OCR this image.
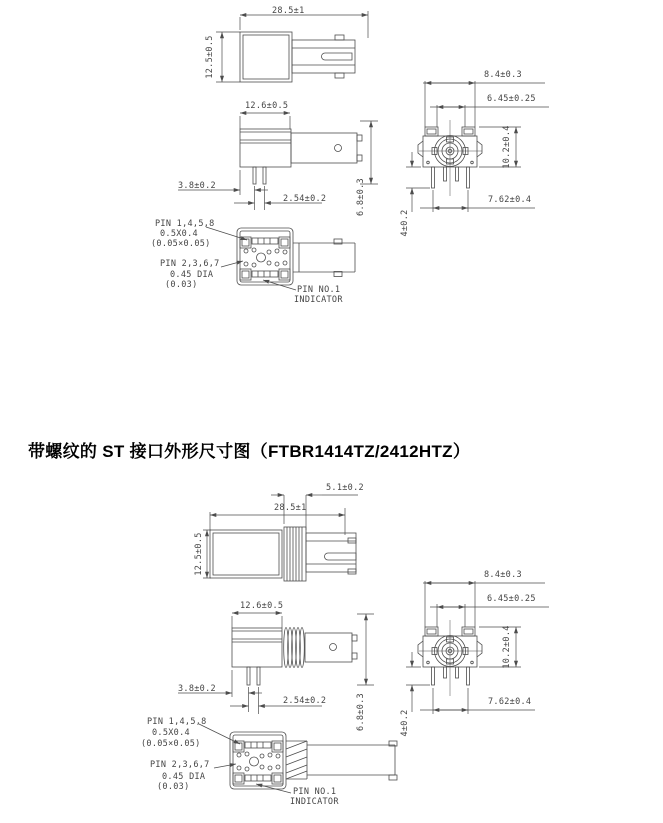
28.5±1
12.5±0.5
12.6±0.5
3.8±0.2
2.54±0.2	6.8±0.3
4±0.2
8.4±0.3
6.45±0.25
10.2±0.4
7.62±0.4
PIN 1,4,5,8
0.5X0.4
(0.05×0.05)
PIN 2,3,6,7
0.45 DIA
(0.03)	PIN NO.1
INDICATOR
带螺纹的 ST 接口外形尺寸图（FTBR1414TZ/2412HTZ）
5.1±0.2
28.5±1
12.5±0.5
12.6±0.5
3.8±0.2
2.54±0.2	6.8±0.3	4±0.2
8.4±0.3
6.45±0.25
10.2±0.4
7.62±0.4
PIN 1,4,5,8
0.5X0.4
(0.05×0.05)
PIN 2,3,6,7
0.45 DIA
(0.03)	PIN NO.1
INDICATOR
